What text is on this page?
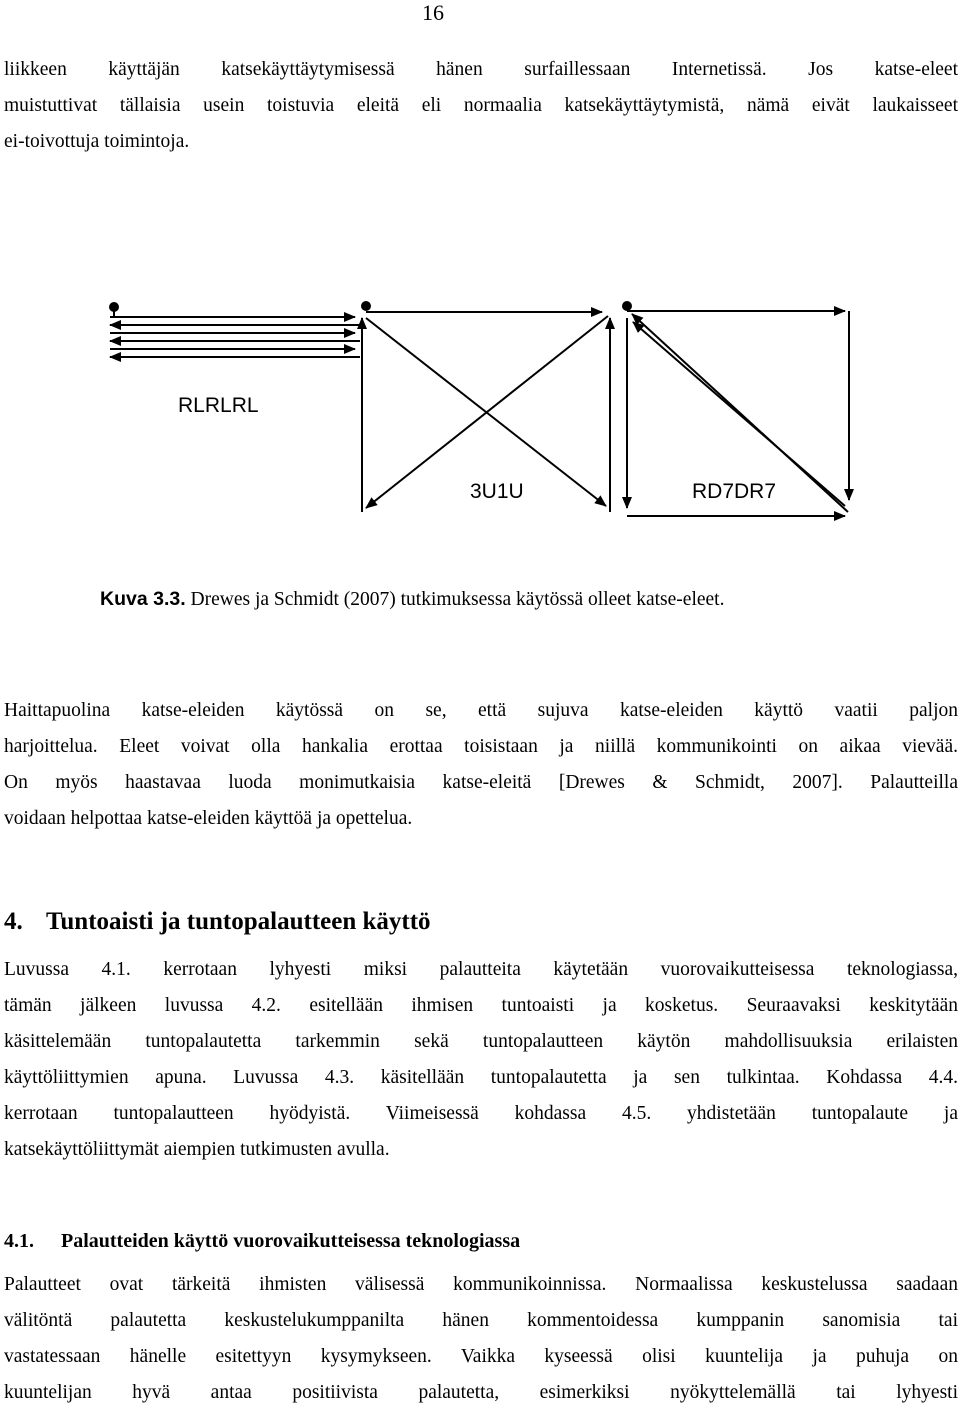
16
liikkeen käyttäjän katsekäyttäytymisessä hänen surfaillessaan Internetissä. Jos katse-eleet
muistuttivat tällaisia usein toistuvia eleitä eli normaalia katsekäyttäytymistä, nämä eivät laukaisseet
ei-toivottuja toimintoja.
RLRLRL
3U1U	RD7DR7
Kuva 3.3. Drewes ja Schmidt (2007) tutkimuksessa käytössä olleet katse-eleet.
Haittapuolina katse-eleiden käytössä on se, että sujuva katse-eleiden käyttö vaatii paljon
harjoittelua. Eleet voivat olla hankalia erottaa toisistaan ja niillä kommunikointi on aikaa vievää.
On myös haastavaa luoda monimutkaisia katse-eleitä [Drewes & Schmidt, 2007]. Palautteilla
voidaan helpottaa katse-eleiden käyttöä ja opettelua.
4. Tuntoaisti ja tuntopalautteen käyttö
Luvussa 4.1. kerrotaan lyhyesti miksi palautteita käytetään vuorovaikutteisessa teknologiassa,
tämän jälkeen luvussa 4.2. esitellään ihmisen tuntoaisti ja kosketus. Seuraavaksi keskitytään
käsittelemään tuntopalautetta tarkemmin sekä tuntopalautteen käytön mahdollisuuksia erilaisten
käyttöliittymien apuna. Luvussa 4.3. käsitellään tuntopalautetta ja sen tulkintaa. Kohdassa 4.4.
kerrotaan tuntopalautteen hyödyistä. Viimeisessä kohdassa 4.5. yhdistetään tuntopalaute ja
katsekäyttöliittymät aiempien tutkimusten avulla.
4.1. Palautteiden käyttö vuorovaikutteisessa teknologiassa
Palautteet ovat tärkeitä ihmisten välisessä kommunikoinnissa. Normaalissa keskustelussa saadaan
välitöntä palautetta keskustelukumppanilta hänen kommentoidessa kumppanin sanomisia tai
vastatessaan hänelle esitettyyn kysymykseen. Vaikka kyseessä olisi kuuntelija ja puhuja on
kuuntelijan hyvä antaa positiivista palautetta, esimerkiksi nyökyttelemällä tai lyhyesti
